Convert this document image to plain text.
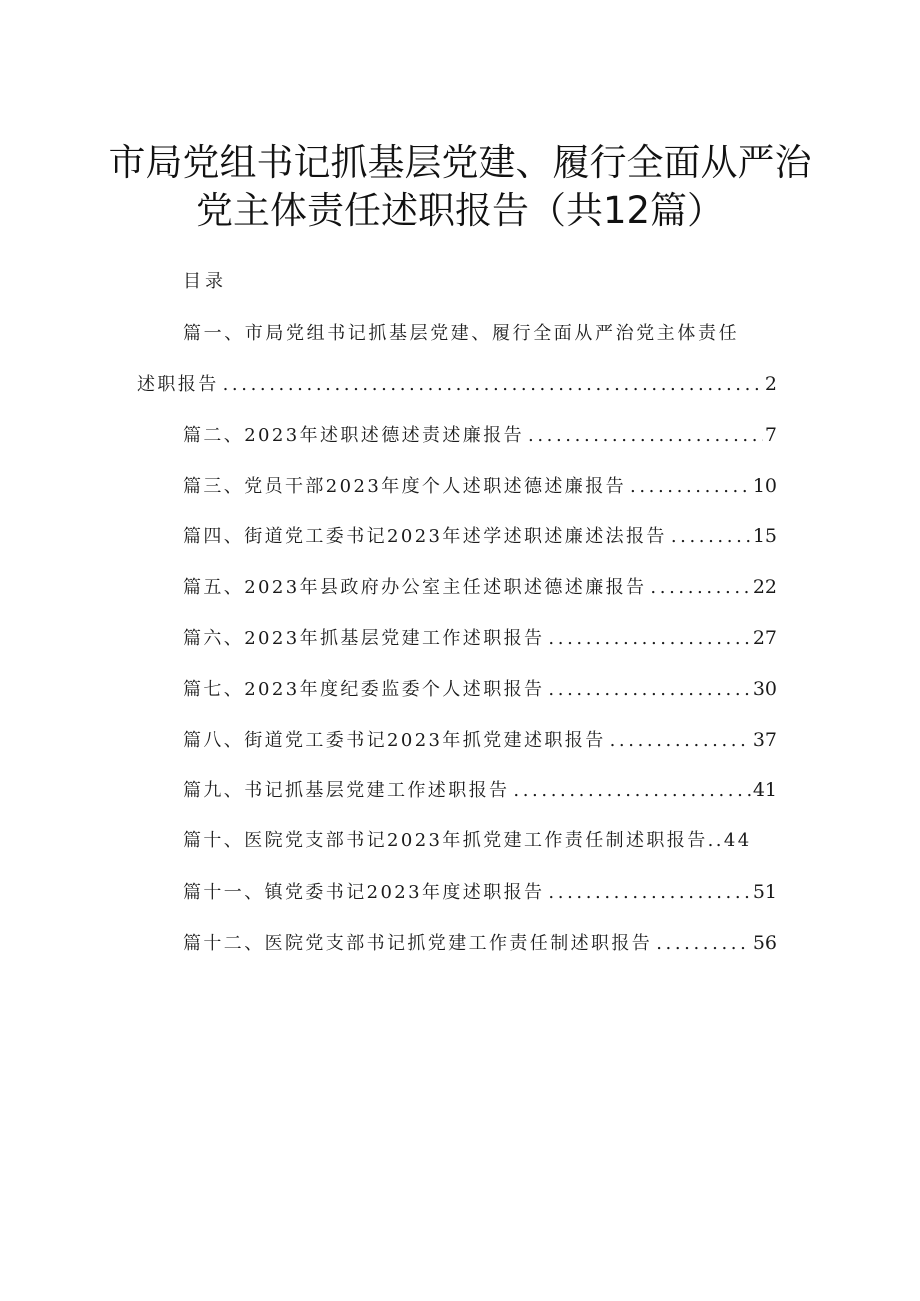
市局党组书记抓基层党建、履行全面从严治
党主体责任述职报告（共12篇）
目录
篇一、市局党组书记抓基层党建、履行全面从严治党主体责任
述职报告 .....	2
篇二、2023年述职述德述责述廉报告 .....	7
篇三、党员干部2023年度个人述职述德述廉报告 .....	10
篇四、街道党工委书记2023年述学述职述廉述法报告 .....	15
篇五、2023年县政府办公室主任述职述德述廉报告 .....	22
篇六、2023年抓基层党建工作述职报告 .....	27
篇七、2023年度纪委监委个人述职报告 .....	30
篇八、街道党工委书记2023年抓党建述职报告 .....	37
篇九、书记抓基层党建工作述职报告 .....	41
篇十、医院党支部书记2023年抓党建工作责任制述职报告..44
篇十一、镇党委书记2023年度述职报告 .....	51
篇十二、医院党支部书记抓党建工作责任制述职报告 .....	56
